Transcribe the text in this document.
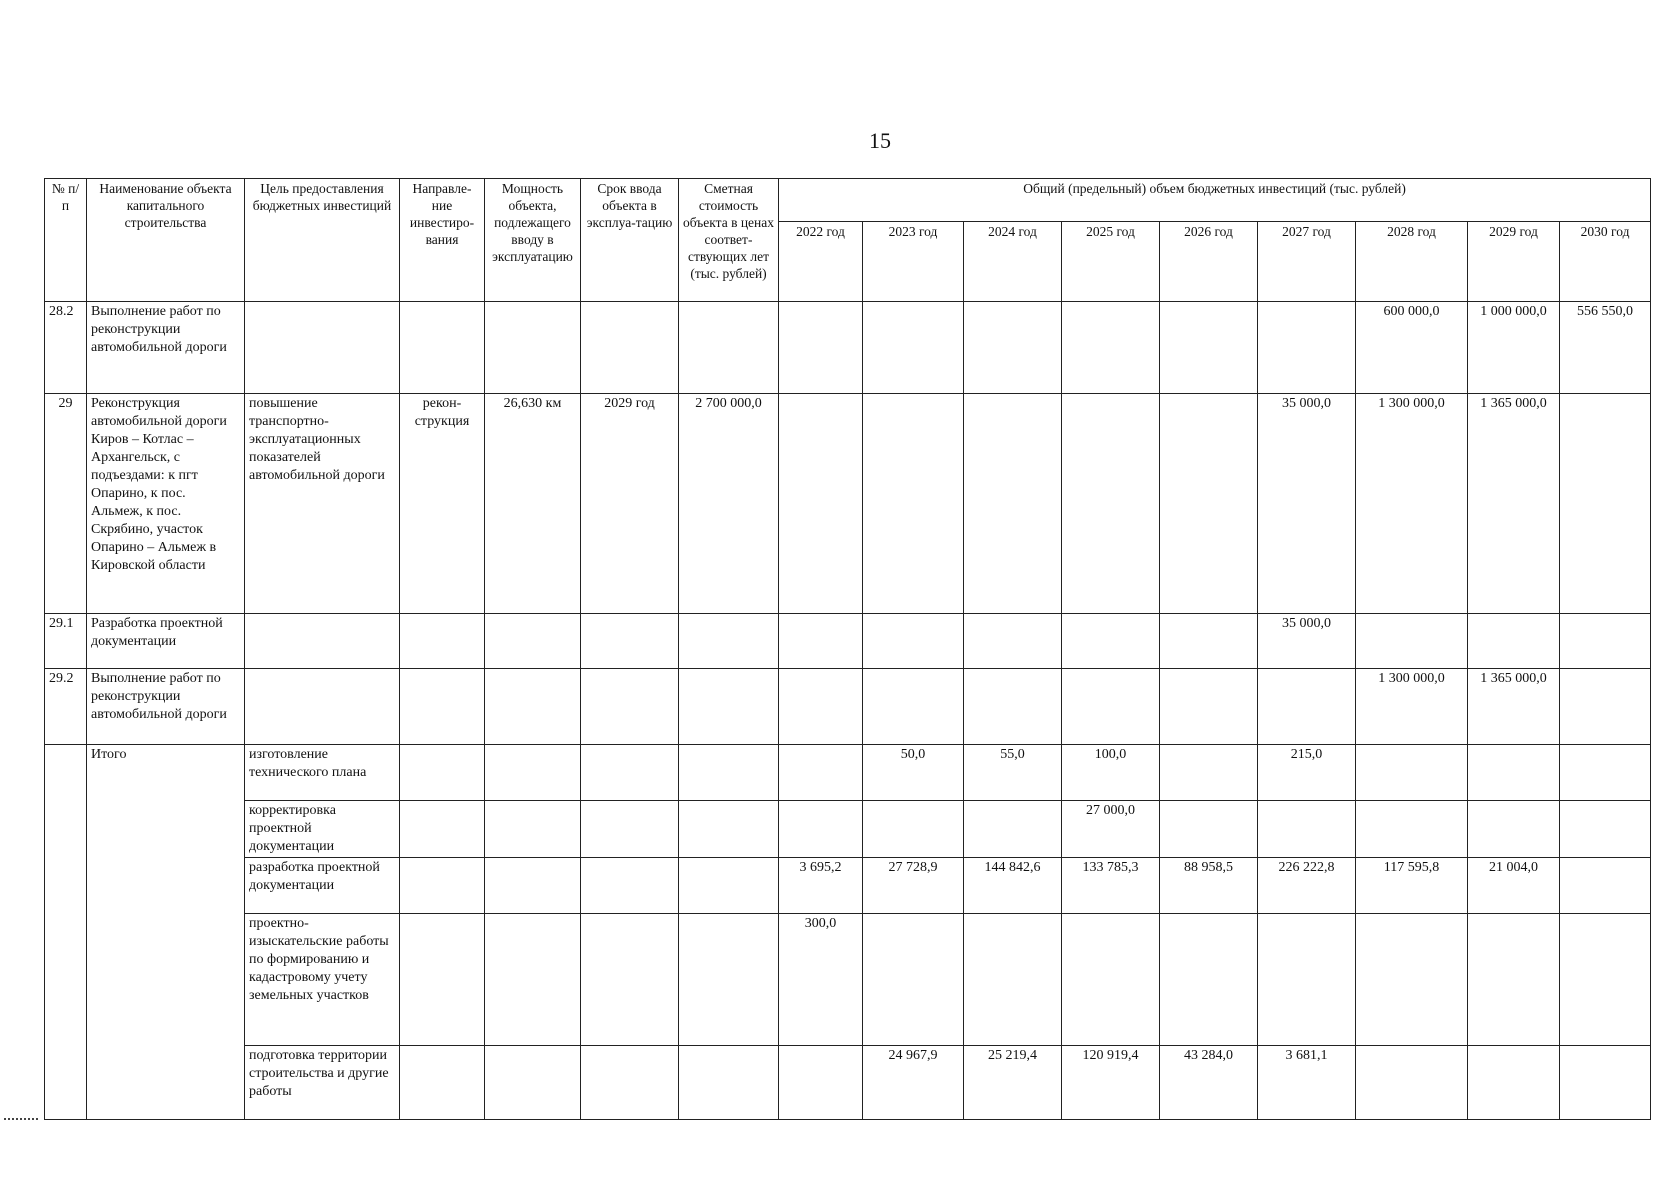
15
№ п/п	Наименование объекта капитального строительства	Цель предоставления бюджетных инвестиций	Направле-ние инвестиро-вания	Мощность объекта, подлежащего вводу в эксплуатацию	Срок ввода объекта в эксплуа-тацию	Сметная стоимость объекта в ценах соответ-ствующих лет (тыс. рублей)	Общий (предельный) объем бюджетных инвестиций (тыс. рублей)								
							2022 год	2023 год	2024 год	2025 год	2026 год	2027 год	2028 год	2029 год	2030 год
28.2	Выполнение работ по реконструкции автомобильной дороги												600 000,0	1 000 000,0	556 550,0
29	Реконструкция автомобильной дороги Киров – Котлас – Архангельск, с подъездами: к пгт Опарино, к пос. Альмеж, к пос. Скрябино, участок Опарино – Альмеж в Кировской области	повышение транспортно-эксплуатационных показателей автомобильной дороги	рекон-струкция	26,630 км	2029 год	2 700 000,0						35 000,0	1 300 000,0	1 365 000,0	
29.1	Разработка проектной документации											35 000,0			
29.2	Выполнение работ по реконструкции автомобильной дороги												1 300 000,0	1 365 000,0	
	Итого	изготовление технического плана						50,0	55,0	100,0		215,0			
		корректировка проектной документации								27 000,0					
		разработка проектной документации					3 695,2	27 728,9	144 842,6	133 785,3	88 958,5	226 222,8	117 595,8	21 004,0	
		проектно-изыскательские работы по формированию и кадастровому учету земельных участков					300,0								
		подготовка территории строительства и другие работы						24 967,9	25 219,4	120 919,4	43 284,0	3 681,1			
